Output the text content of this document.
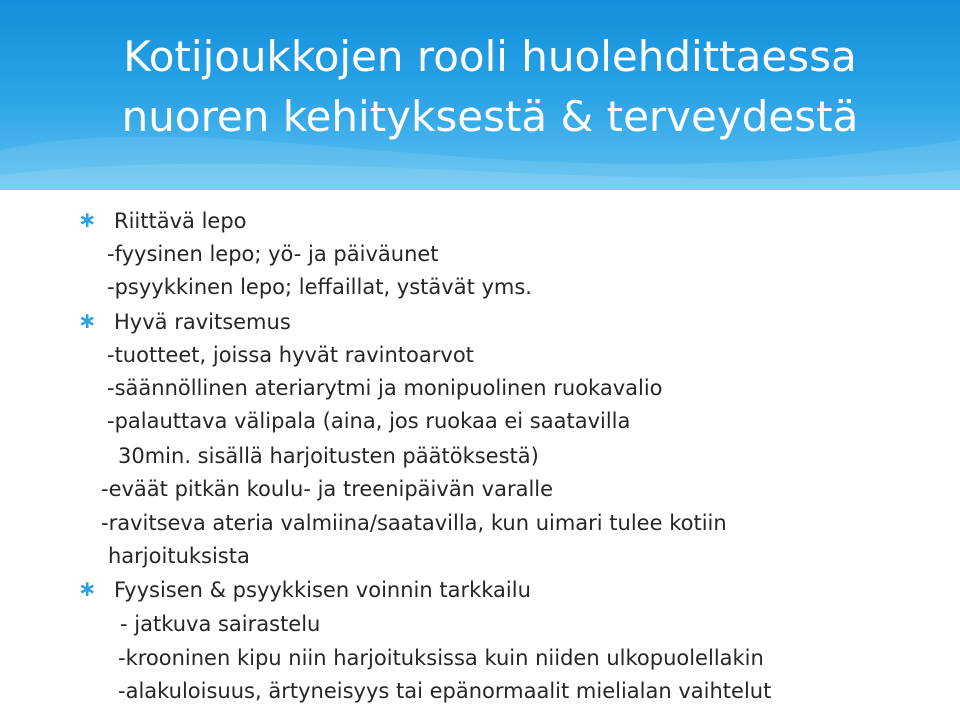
Kotijoukkojen rooli huolehdittaessa
nuoren kehityksestä & terveydestä
∗ Riittävä lepo
-fyysinen lepo; yö- ja päiväunet
-psyykkinen lepo; leffaillat, ystävät yms.
∗ Hyvä ravitsemus
-tuotteet, joissa hyvät ravintoarvot
-säännöllinen ateriarytmi ja monipuolinen ruokavalio
-palauttava välipala (aina, jos ruokaa ei saatavilla
30min. sisällä harjoitusten päätöksestä)
-eväät pitkän koulu- ja treenipäivän varalle
-ravitseva ateria valmiina/saatavilla, kun uimari tulee kotiin
harjoituksista
∗ Fyysisen & psyykkisen voinnin tarkkailu
- jatkuva sairastelu
-krooninen kipu niin harjoituksissa kuin niiden ulkopuolellakin
-alakuloisuus, ärtyneisyys tai epänormaalit mielialan vaihtelut
